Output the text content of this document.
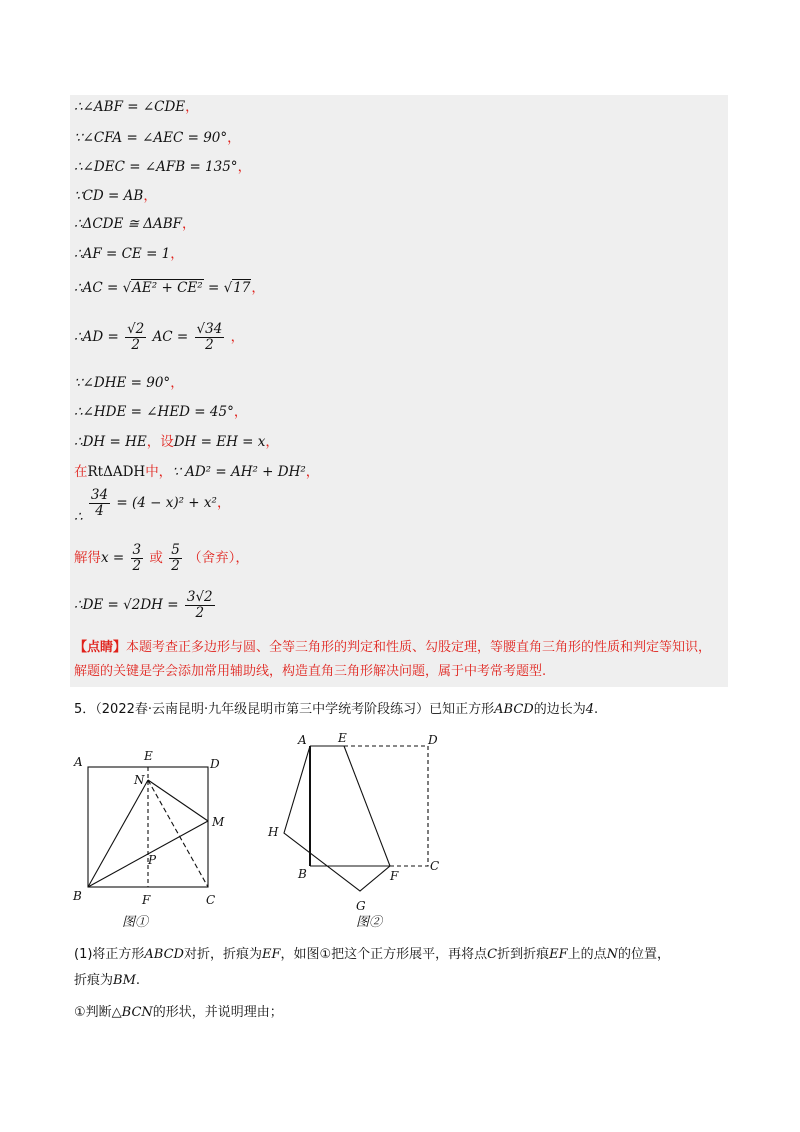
∴∠ABF = ∠CDE，
∵∠CFA = ∠AEC = 90°，
∴∠DEC = ∠AFB = 135°，
∵CD = AB，
∴ΔCDE ≅ ΔABF，
∴AF = CE = 1，
∴AC = √AE² + CE² = √17，
∴AD = $\frac{√2}{2}$ AC = $\frac{√34}{2}$ ，
∵∠DHE = 90°，
∴∠HDE = ∠HED = 45°，
∴DH = HE，设DH = EH = x，
在RtΔADH中，∵ AD² = AH² + DH²，
∴ $\frac{34}{4} = (4 - x)^2 + x^2$，
解得$x = \frac{3}{2}$ 或 $\frac{5}{2}$ （舍弃），
∴DE = $√2DH = \frac{3√2}{2}$
【点睛】本题考查正多边形与圆、全等三角形的判定和性质、勾股定理，等腰直角三角形的性质和判定等知识，解题的关键是学会添加常用辅助线，构造直角三角形解决问题，属于中考常考题型.
5．（2022春·云南昆明·九年级昆明市第三中学统考阶段练习）已知正方形ABCD的边长为4.
A	E
D
N
M
P
B	F	C
图①
A	E	D
H
B	F
C
G
图②
(1)将正方形ABCD对折，折痕为EF，如图①把这个正方形展平，再将点C折到折痕EF上的点N的位置，
折痕为BM.
①判断△BCN的形状，并说明理由；
